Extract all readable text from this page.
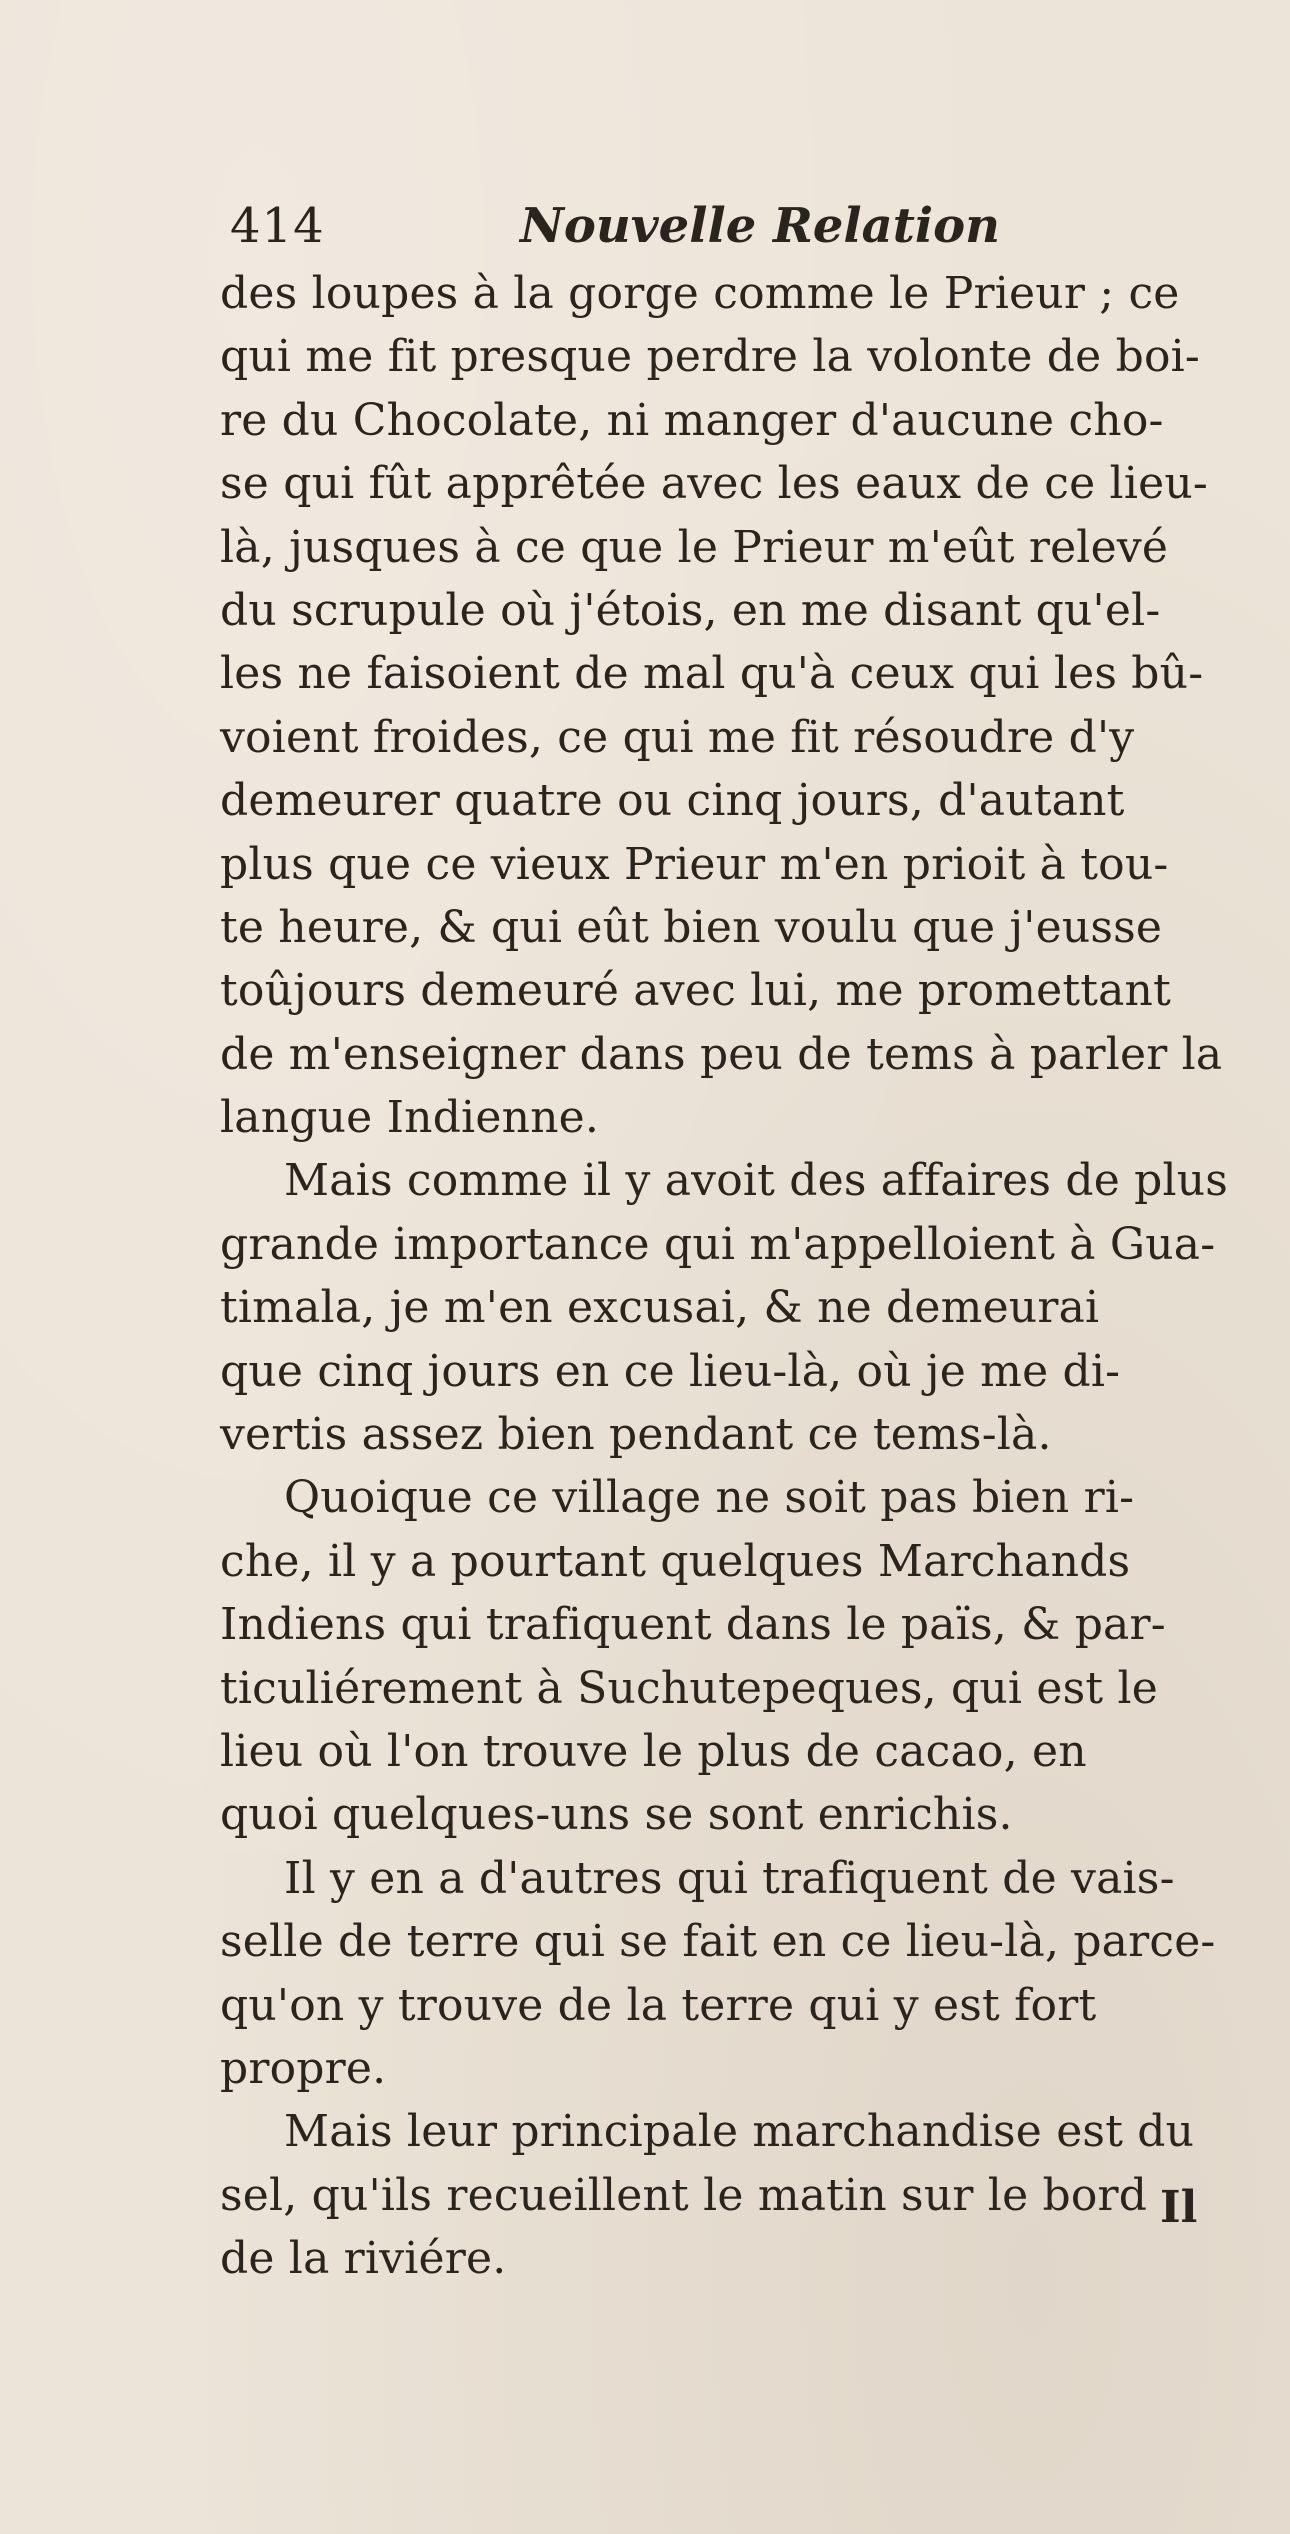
414	Nouvelle Relation
des loupes à la gorge comme le Prieur ; ce
qui me fit presque perdre la volonte de boi-
re du Chocolate, ni manger d'aucune cho-
se qui fût apprêtée avec les eaux de ce lieu-
là, jusques à ce que le Prieur m'eût relevé
du scrupule où j'étois, en me disant qu'el-
les ne faisoient de mal qu'à ceux qui les bû-
voient froides, ce qui me fit résoudre d'y
demeurer quatre ou cinq jours, d'autant
plus que ce vieux Prieur m'en prioit à tou-
te heure, & qui eût bien voulu que j'eusse
toûjours demeuré avec lui, me promettant
de m'enseigner dans peu de tems à parler la
langue Indienne.
Mais comme il y avoit des affaires de plus
grande importance qui m'appelloient à Gua-
timala, je m'en excusai, & ne demeurai
que cinq jours en ce lieu-là, où je me di-
vertis assez bien pendant ce tems-là.
Quoique ce village ne soit pas bien ri-
che, il y a pourtant quelques Marchands
Indiens qui trafiquent dans le païs, & par-
ticuliérement à Suchutepeques, qui est le
lieu où l'on trouve le plus de cacao, en
quoi quelques-uns se sont enrichis.
Il y en a d'autres qui trafiquent de vais-
selle de terre qui se fait en ce lieu-là, parce-
qu'on y trouve de la terre qui y est fort
propre.
Mais leur principale marchandise est du
sel, qu'ils recueillent le matin sur le bord
de la riviére.
Il
